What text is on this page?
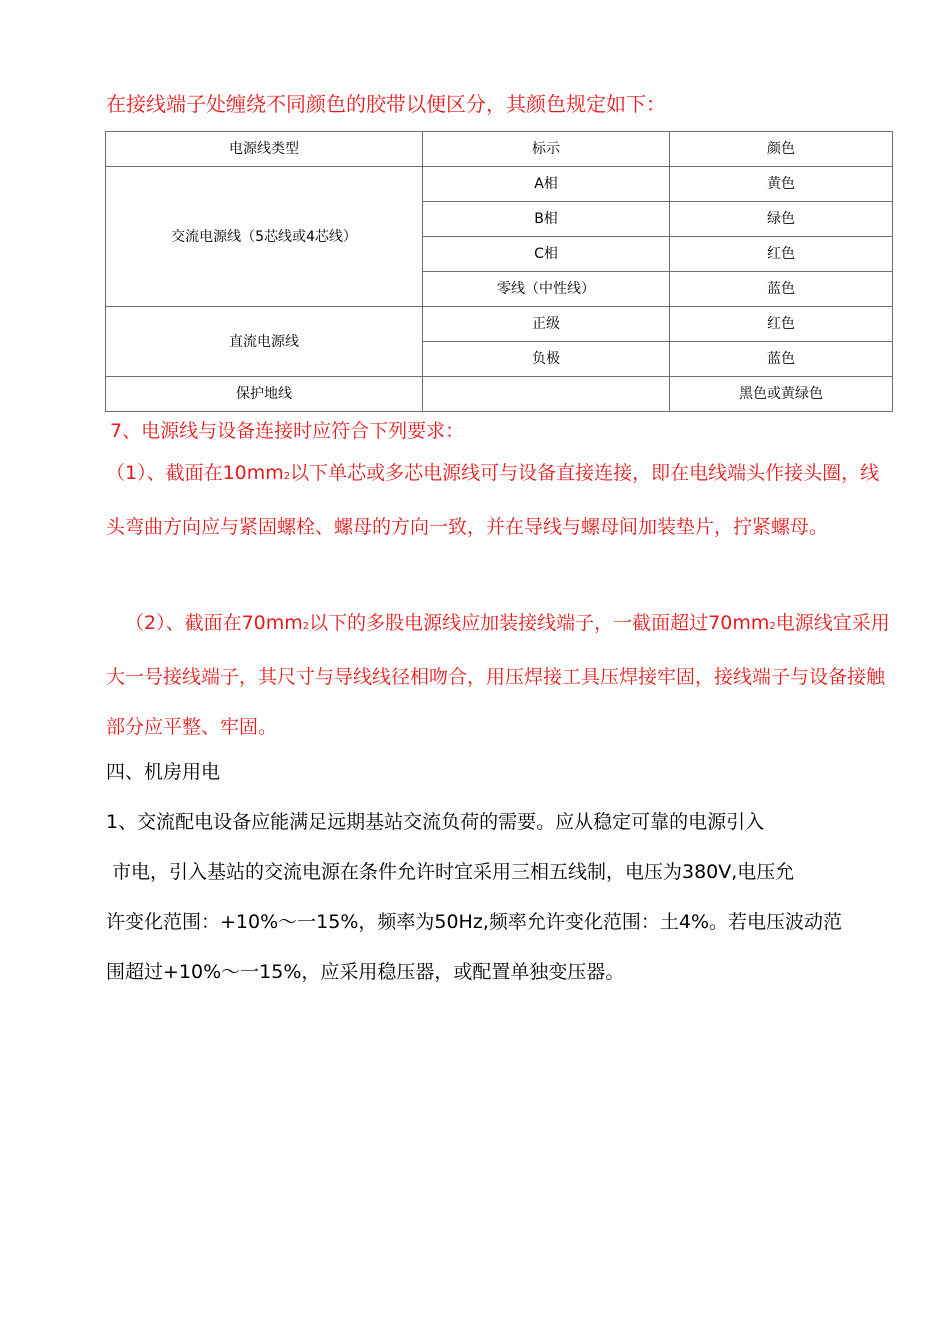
在接线端子处缠绕不同颜色的胶带以便区分，其颜色规定如下：
电源线类型	标示	颜色
交流电源线（5芯线或4芯线）	A相	黄色
	B相	绿色
	C相	红色
	零线（中性线）	蓝色
直流电源线	正级	红色
	负极	蓝色
保护地线		黑色或黄绿色
7、电源线与设备连接时应符合下列要求：
（1）、截面在10mm2以下单芯或多芯电源线可与设备直接连接，即在电线端头作接头圈，线头弯曲方向应与紧固螺栓、螺母的方向一致，并在导线与螺母间加装垫片，拧紧螺母。
（2）、截面在70mm2以下的多股电源线应加装接线端子，一截面超过70mm2电源线宜采用大一号接线端子，其尺寸与导线线径相吻合，用压焊接工具压焊接牢固，接线端子与设备接触部分应平整、牢固。
四、机房用电
1、交流配电设备应能满足远期基站交流负荷的需要。应从稳定可靠的电源引入
市电，引入基站的交流电源在条件允许时宜采用三相五线制，电压为380V,电压允
许变化范围：+10%～一15%，频率为50Hz,频率允许变化范围：土4%。若电压波动范
围超过+10%～一15%，应采用稳压器，或配置单独变压器。
